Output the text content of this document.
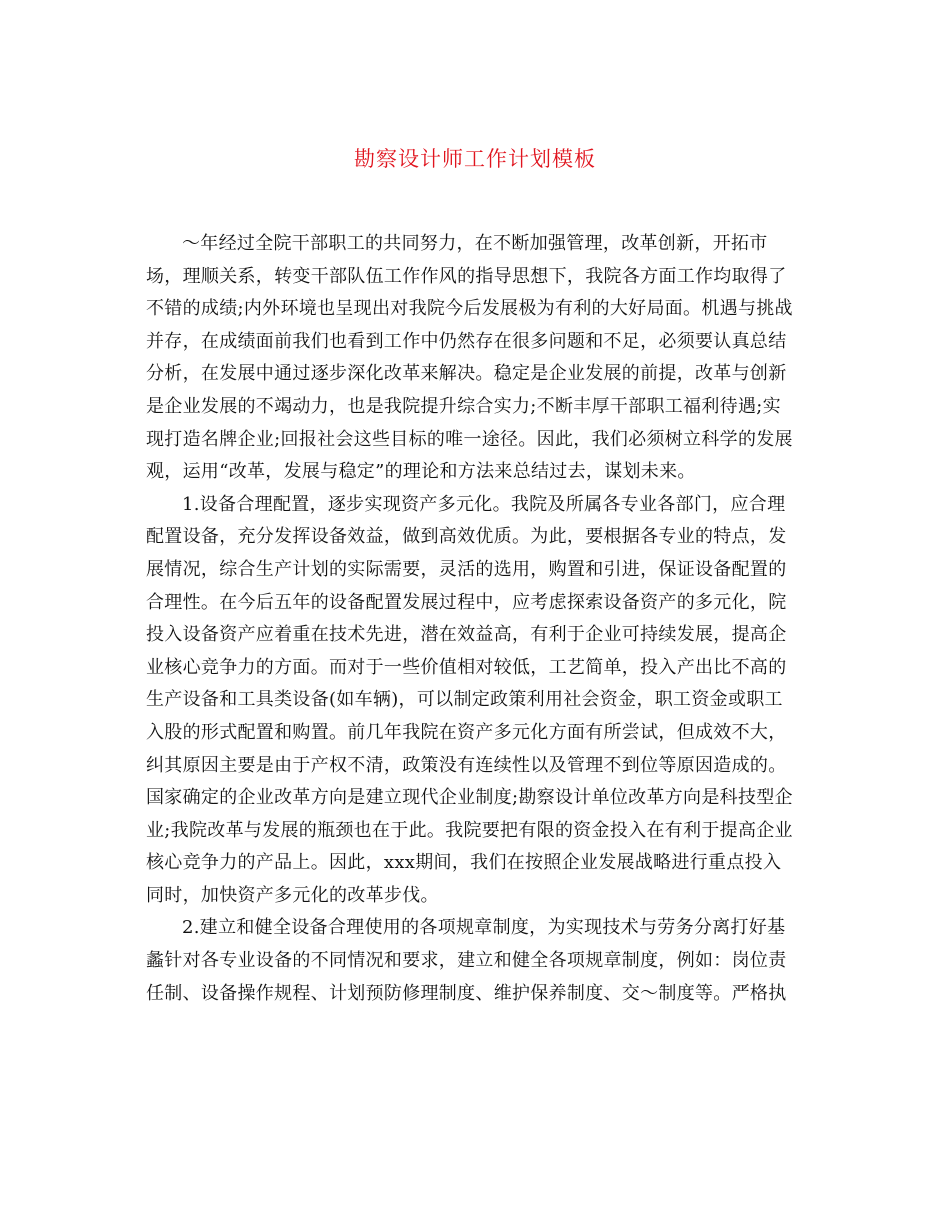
勘察设计师工作计划模板

～年经过全院干部职工的共同努力，在不断加强管理，改革创新，开拓市
场，理顺关系，转变干部队伍工作作风的指导思想下，我院各方面工作均取得了
不错的成绩;内外环境也呈现出对我院今后发展极为有利的大好局面。机遇与挑战
并存，在成绩面前我们也看到工作中仍然存在很多问题和不足，必须要认真总结
分析，在发展中通过逐步深化改革来解决。稳定是企业发展的前提，改革与创新
是企业发展的不竭动力，也是我院提升综合实力;不断丰厚干部职工福利待遇;实
现打造名牌企业;回报社会这些目标的唯一途径。因此，我们必须树立科学的发展
观，运用“改革，发展与稳定”的理论和方法来总结过去，谋划未来。

1.设备合理配置，逐步实现资产多元化。我院及所属各专业各部门，应合理
配置设备，充分发挥设备效益，做到高效优质。为此，要根据各专业的特点，发
展情况，综合生产计划的实际需要，灵活的选用，购置和引进，保证设备配置的
合理性。在今后五年的设备配置发展过程中，应考虑探索设备资产的多元化，院
投入设备资产应着重在技术先进，潜在效益高，有利于企业可持续发展，提高企
业核心竞争力的方面。而对于一些价值相对较低，工艺简单，投入产出比不高的
生产设备和工具类设备(如车辆)，可以制定政策利用社会资金，职工资金或职工
入股的形式配置和购置。前几年我院在资产多元化方面有所尝试，但成效不大，
纠其原因主要是由于产权不清，政策没有连续性以及管理不到位等原因造成的。
国家确定的企业改革方向是建立现代企业制度;勘察设计单位改革方向是科技型企
业;我院改革与发展的瓶颈也在于此。我院要把有限的资金投入在有利于提高企业
核心竞争力的产品上。因此，xxx期间，我们在按照企业发展战略进行重点投入
同时，加快资产多元化的改革步伐。

2.建立和健全设备合理使用的各项规章制度，为实现技术与劳务分离打好基
蠡针对各专业设备的不同情况和要求，建立和健全各项规章制度，例如：岗位责
任制、设备操作规程、计划预防修理制度、维护保养制度、交～制度等。严格执
